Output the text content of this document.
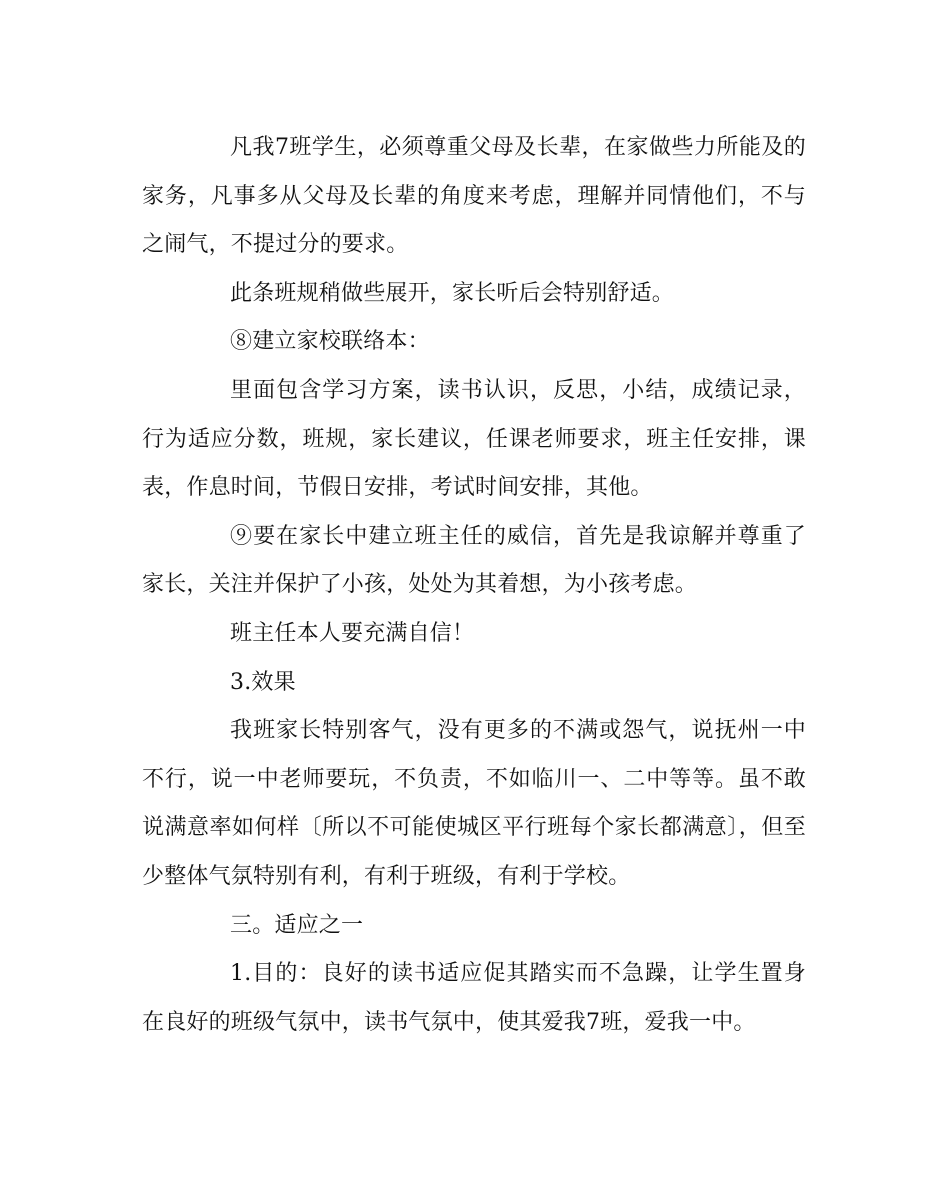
凡我7班学生，必须尊重父母及长辈，在家做些力所能及的家务，凡事多从父母及长辈的角度来考虑，理解并同情他们，不与之闹气，不提过分的要求。

此条班规稍做些展开，家长听后会特别舒适。

⑧建立家校联络本：

里面包含学习方案，读书认识，反思，小结，成绩记录，行为适应分数，班规，家长建议，任课老师要求，班主任安排，课表，作息时间，节假日安排，考试时间安排，其他。

⑨要在家长中建立班主任的威信，首先是我谅解并尊重了家长，关注并保护了小孩，处处为其着想，为小孩考虑。

班主任本人要充满自信！

3.效果

我班家长特别客气，没有更多的不满或怨气，说抚州一中不行，说一中老师要玩，不负责，不如临川一、二中等等。虽不敢说满意率如何样〔所以不可能使城区平行班每个家长都满意〕，但至少整体气氛特别有利，有利于班级，有利于学校。

三。适应之一

1.目的：良好的读书适应促其踏实而不急躁，让学生置身在良好的班级气氛中，读书气氛中，使其爱我7班，爱我一中。
